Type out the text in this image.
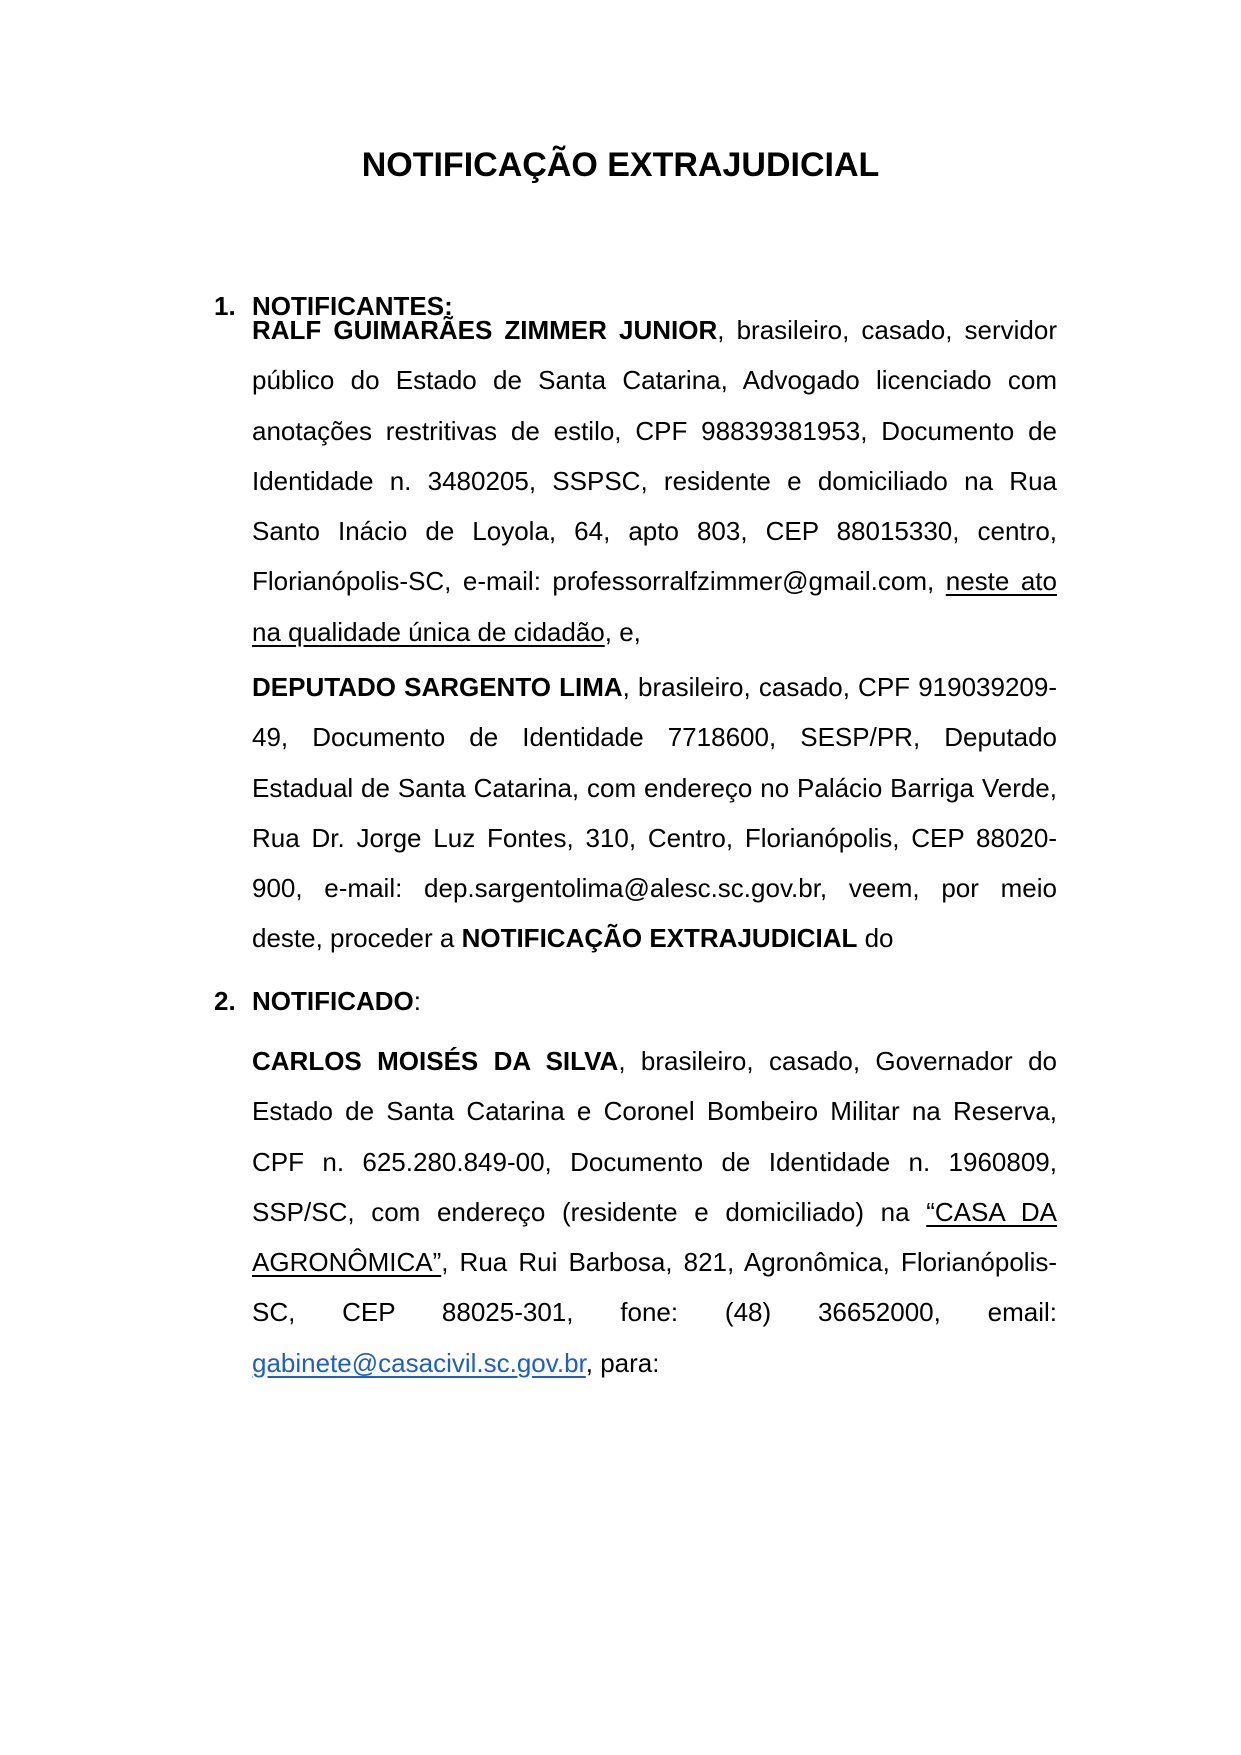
NOTIFICAÇÃO EXTRAJUDICIAL
1. NOTIFICANTES:

RALF GUIMARÃES ZIMMER JUNIOR, brasileiro, casado, servidor público do Estado de Santa Catarina, Advogado licenciado com anotações restritivas de estilo, CPF 98839381953, Documento de Identidade n. 3480205, SSPSC, residente e domiciliado na Rua Santo Inácio de Loyola, 64, apto 803, CEP 88015330, centro, Florianópolis-SC, e-mail: professorralfzimmer@gmail.com, neste ato na qualidade única de cidadão, e,

DEPUTADO SARGENTO LIMA, brasileiro, casado, CPF 919039209-49, Documento de Identidade 7718600, SESP/PR, Deputado Estadual de Santa Catarina, com endereço no Palácio Barriga Verde, Rua Dr. Jorge Luz Fontes, 310, Centro, Florianópolis, CEP 88020-900, e-mail: dep.sargentolima@alesc.sc.gov.br, veem, por meio deste, proceder a NOTIFICAÇÃO EXTRAJUDICIAL do

2. NOTIFICADO:

CARLOS MOISÉS DA SILVA, brasileiro, casado, Governador do Estado de Santa Catarina e Coronel Bombeiro Militar na Reserva, CPF n. 625.280.849-00, Documento de Identidade n. 1960809, SSP/SC, com endereço (residente e domiciliado) na “CASA DA AGRONÔMICA”, Rua Rui Barbosa, 821, Agronômica, Florianópolis-SC, CEP 88025-301, fone: (48) 36652000, email: gabinete@casacivil.sc.gov.br, para:
